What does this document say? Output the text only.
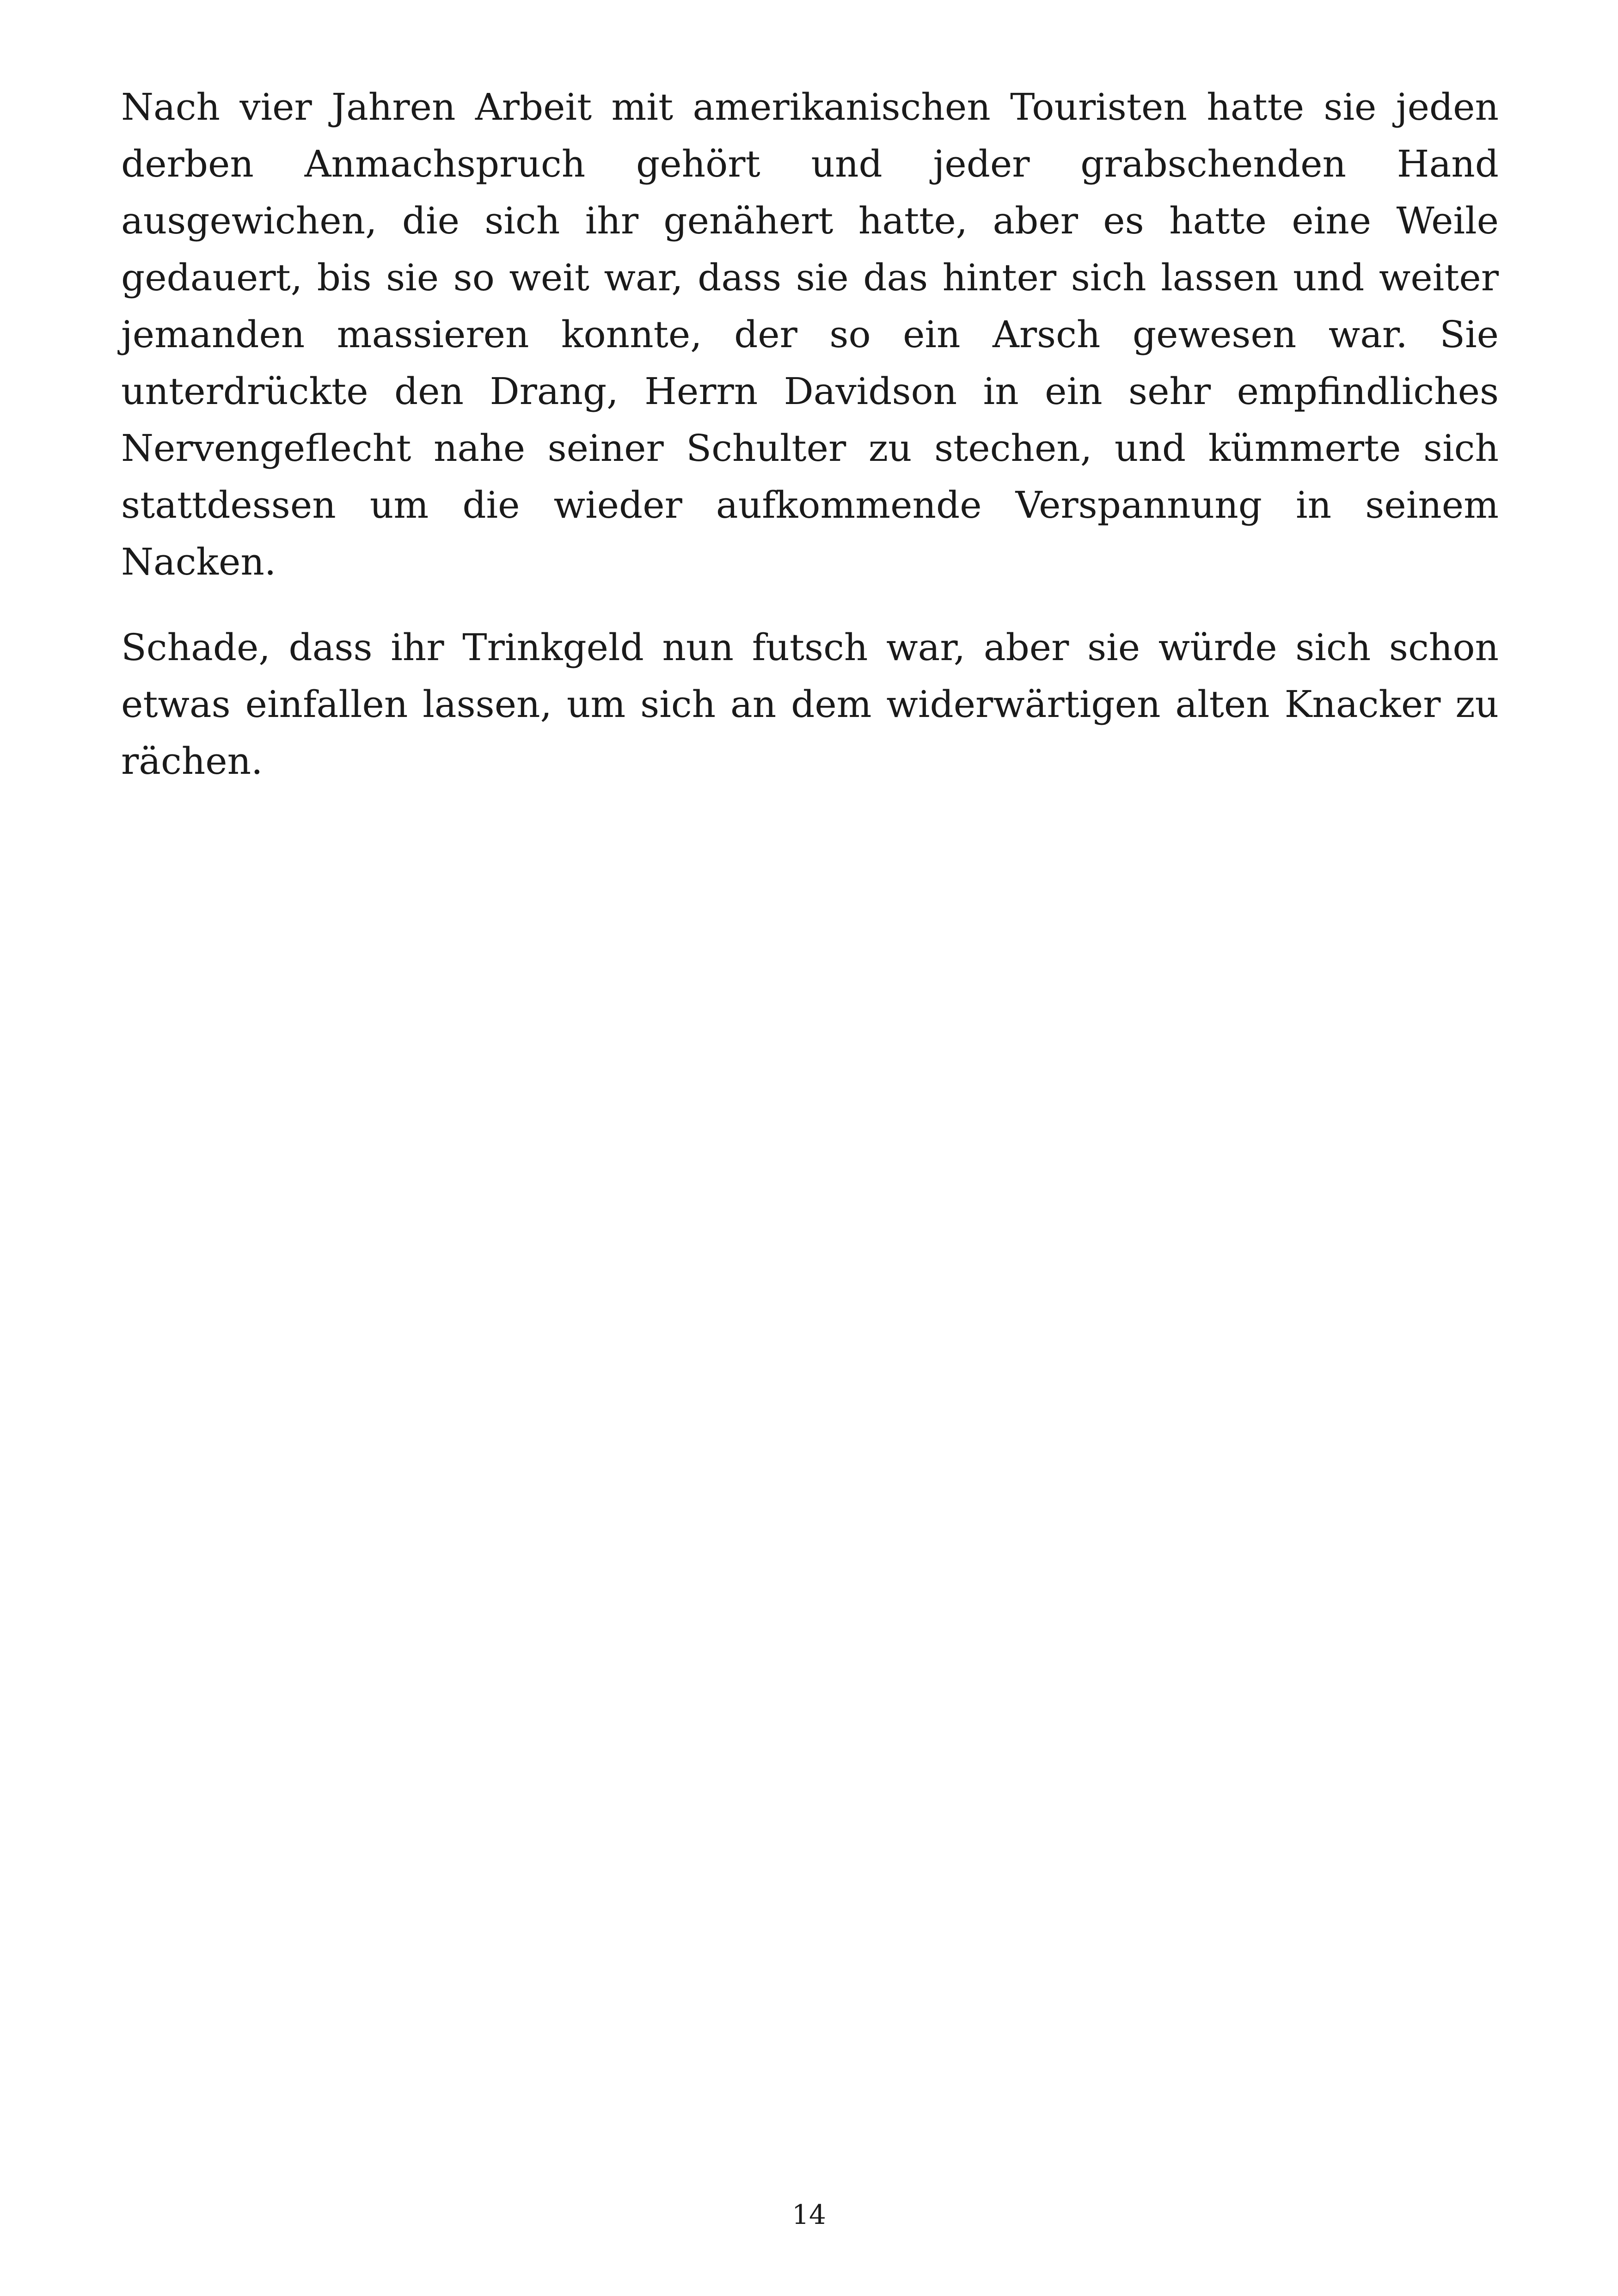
Nach vier Jahren Arbeit mit amerikanischen Touristen hatte sie jeden derben Anmachspruch gehört und jeder grabschenden Hand ausgewichen, die sich ihr genähert hatte, aber es hatte eine Weile gedauert, bis sie so weit war, dass sie das hinter sich lassen und weiter jemanden massieren konnte, der so ein Arsch gewesen war. Sie unterdrückte den Drang, Herrn Davidson in ein sehr empfindliches Nervengeflecht nahe seiner Schulter zu stechen, und kümmerte sich stattdessen um die wieder aufkommende Verspannung in seinem Nacken.

Schade, dass ihr Trinkgeld nun futsch war, aber sie würde sich schon etwas einfallen lassen, um sich an dem widerwärtigen alten Knacker zu rächen.

14
